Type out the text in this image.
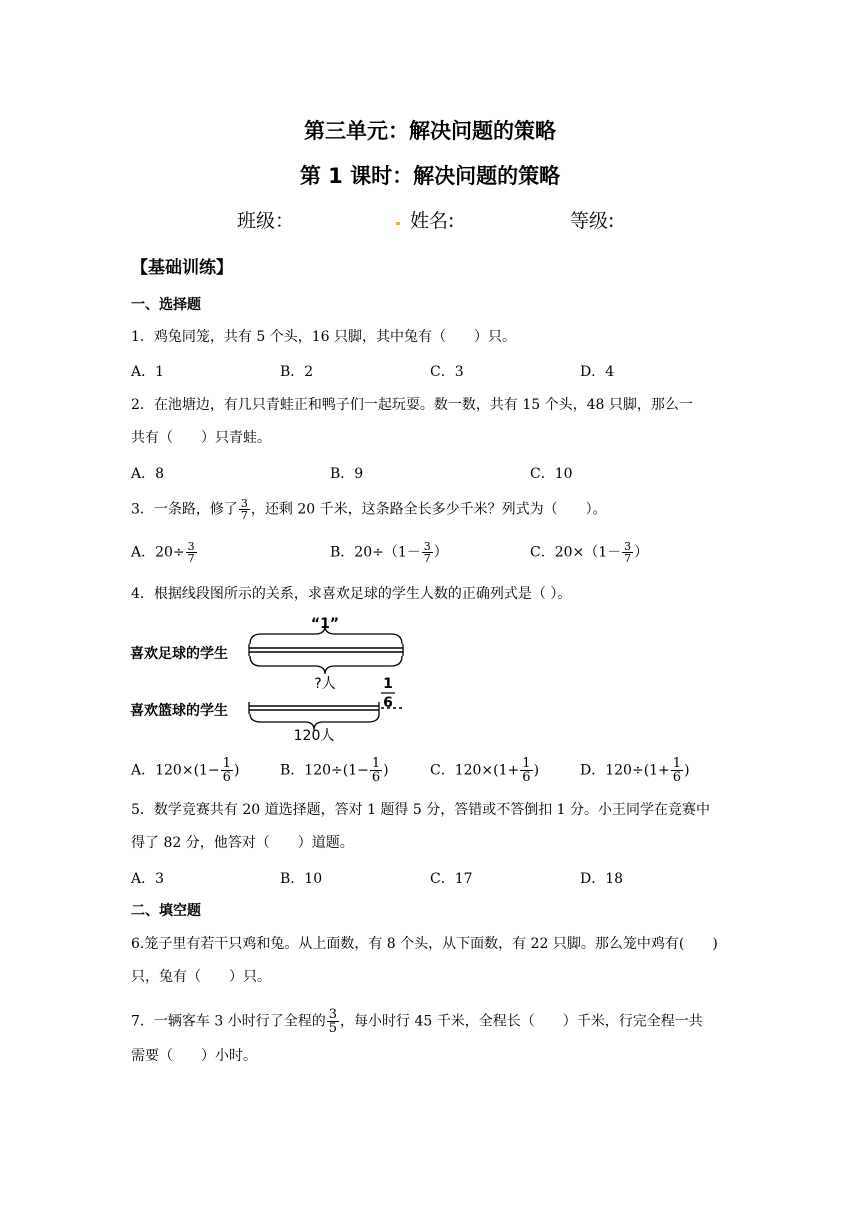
第三单元：解决问题的策略
第 1 课时：解决问题的策略
班级：	姓名:	等级:
【基础训练】
一、选择题
1．鸡兔同笼，共有 5 个头，16 只脚，其中兔有（　　）只。
A．1	B．2	C．3	D．4
2．在池塘边，有几只青蛙正和鸭子们一起玩耍。数一数，共有 15 个头，48 只脚，那么一
共有（　　）只青蛙。
A．8	B．9	C．10
3．一条路，修了 $\frac{3}{7}$ ，还剩 20 千米，这条路全长多少千米？列式为（　　）。
A．$20\div \frac{3}{7}$	B．$20\div(1- \frac{3}{7}$ ）	C．$20\times(1- \frac{3}{7}$ ）
4．根据线段图所示的关系，求喜欢足球的学生人数的正确列式是（ ）。
“1”
喜欢足球的学生
?人	1
6
喜欢篮球的学生
120人
A．$120\times(1- \frac{1}{6}$ )	B．$120\div(1- \frac{1}{6}$ )	C．$120\times(1+ \frac{1}{6}$ )	D．$120\div(1+ \frac{1}{6}$ )
5．数学竞赛共有 20 道选择题，答对 1 题得 5 分，答错或不答倒扣 1 分。小王同学在竞赛中
得了 82 分，他答对（　　）道题。
A．3	B．10	C．17	D．18
二、填空题
6.笼子里有若干只鸡和兔。从上面数，有 8 个头，从下面数，有 22 只脚。那么笼中鸡有(　　)
只，兔有（　　）只。
7．一辆客车 3 小时行了全程的 $\frac{3}{5}$ ，每小时行 45 千米，全程长（　　）千米，行完全程一共
需要（　　）小时。
